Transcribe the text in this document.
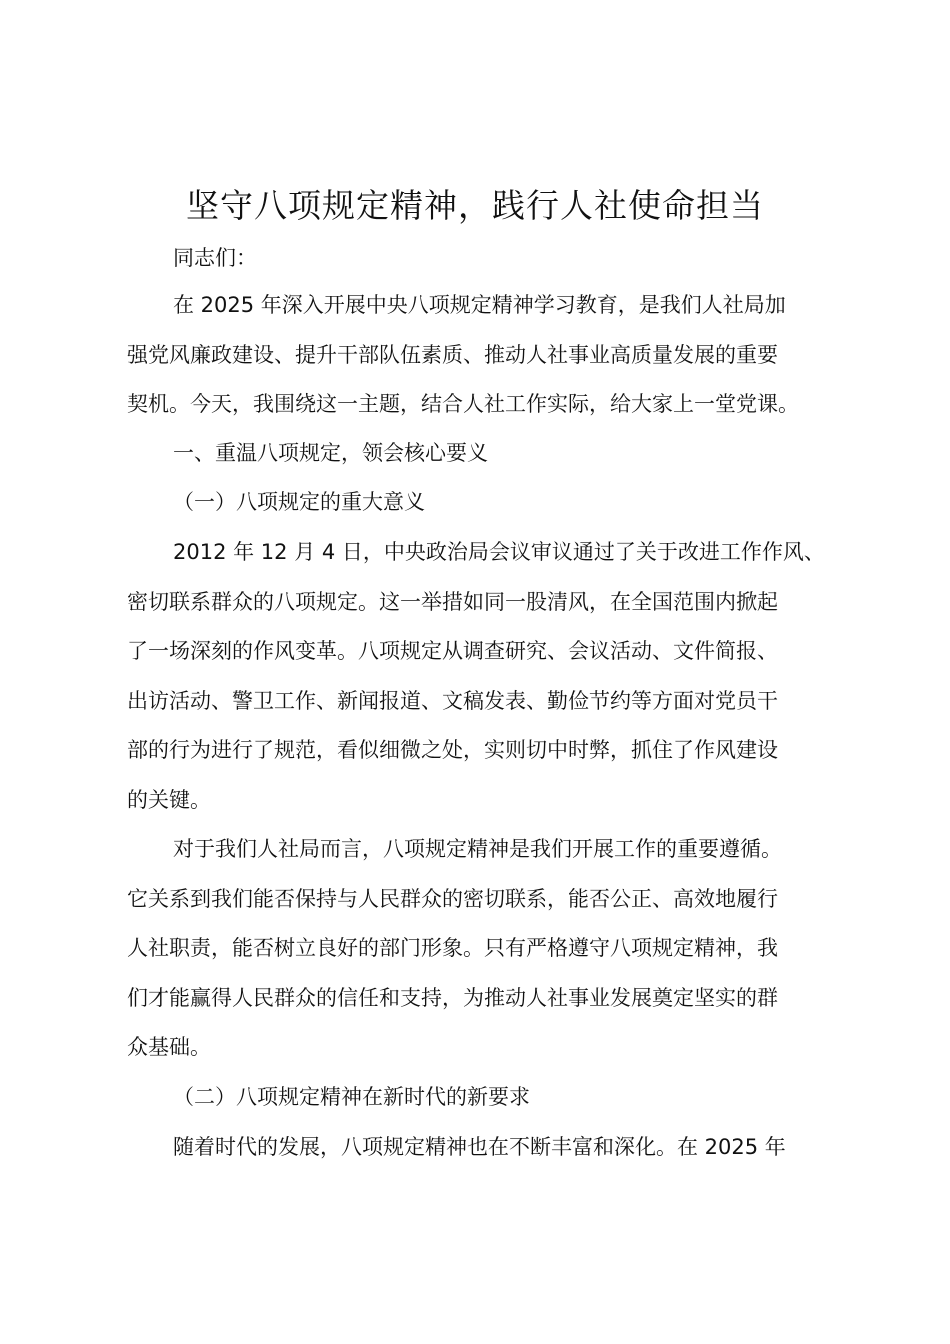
坚守八项规定精神，践行人社使命担当
同志们：
在 2025 年深入开展中央八项规定精神学习教育，是我们人社局加
强党风廉政建设、提升干部队伍素质、推动人社事业高质量发展的重要
契机。今天，我围绕这一主题，结合人社工作实际，给大家上一堂党课。
一、重温八项规定，领会核心要义
（一）八项规定的重大意义
2012 年 12 月 4 日，中央政治局会议审议通过了关于改进工作作风、
密切联系群众的八项规定。这一举措如同一股清风，在全国范围内掀起
了一场深刻的作风变革。八项规定从调查研究、会议活动、文件简报、
出访活动、警卫工作、新闻报道、文稿发表、勤俭节约等方面对党员干
部的行为进行了规范，看似细微之处，实则切中时弊，抓住了作风建设
的关键。
对于我们人社局而言，八项规定精神是我们开展工作的重要遵循。
它关系到我们能否保持与人民群众的密切联系，能否公正、高效地履行
人社职责，能否树立良好的部门形象。只有严格遵守八项规定精神，我
们才能赢得人民群众的信任和支持，为推动人社事业发展奠定坚实的群
众基础。
（二）八项规定精神在新时代的新要求
随着时代的发展，八项规定精神也在不断丰富和深化。在 2025 年
